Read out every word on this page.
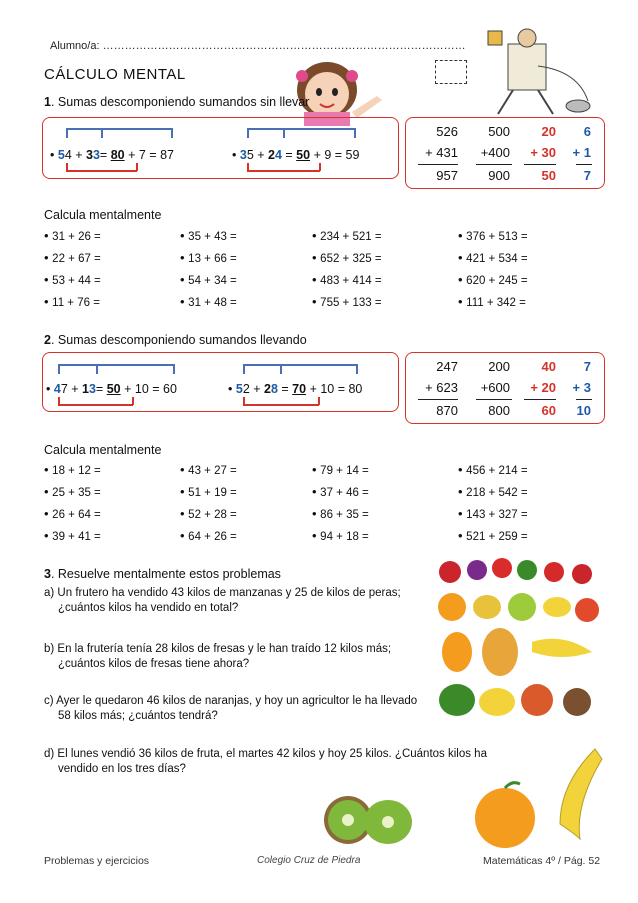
Alumno/a: ………………………………………………………………………………………
CÁLCULO MENTAL
1. Sumas descomponiendo sumandos sin llevar
• 54 + 33= 80 + 7 = 87	• 35 + 24 = 50 + 9 = 59
526	500	20	6
+ 431	+400	+ 30	+ 1
957	900	50	7
Calcula mentalmente
• 31 + 26 =	• 35 + 43 =	• 234 + 521 =	• 376 + 513 =
• 22 + 67 =	• 13 + 66 =	• 652 + 325 =	• 421 + 534 =
• 53 + 44 =	• 54 + 34 =	• 483 + 414 =	• 620 + 245 =
• 11 + 76 =	• 31 + 48 =	• 755 + 133 =	• 111 + 342 =
2. Sumas descomponiendo sumandos llevando
• 47 + 13= 50 + 10 = 60	• 52 + 28 = 70 + 10 = 80
247	200	40	7
+ 623	+600	+ 20	+ 3
870	800	60	10
Calcula mentalmente
• 18 + 12 =	• 43 + 27 =	• 79 + 14 =	• 456 + 214 =
• 25 + 35 =	• 51 + 19 =	• 37 + 46 =	• 218 + 542 =
• 26 + 64 =	• 52 + 28 =	• 86 + 35 =	• 143 + 327 =
• 39 + 41 =	• 64 + 26 =	• 94 + 18 =	• 521 + 259 =
3. Resuelve mentalmente estos problemas
a) Un frutero ha vendido 43 kilos de manzanas y 25 de kilos de peras;
¿cuántos kilos ha vendido en total?
b) En la frutería tenía 28 kilos de fresas y le han traído 12 kilos más;
¿cuántos kilos de fresas tiene ahora?
c) Ayer le quedaron 46 kilos de naranjas, y hoy un agricultor le ha llevado
58 kilos más; ¿cuántos tendrá?
d) El lunes vendió 36 kilos de fruta, el martes 42 kilos y hoy 25 kilos. ¿Cuántos kilos ha
vendido en los tres días?
Problemas y ejercicios	Colegio Cruz de Piedra	Matemáticas 4º / Pág. 52
